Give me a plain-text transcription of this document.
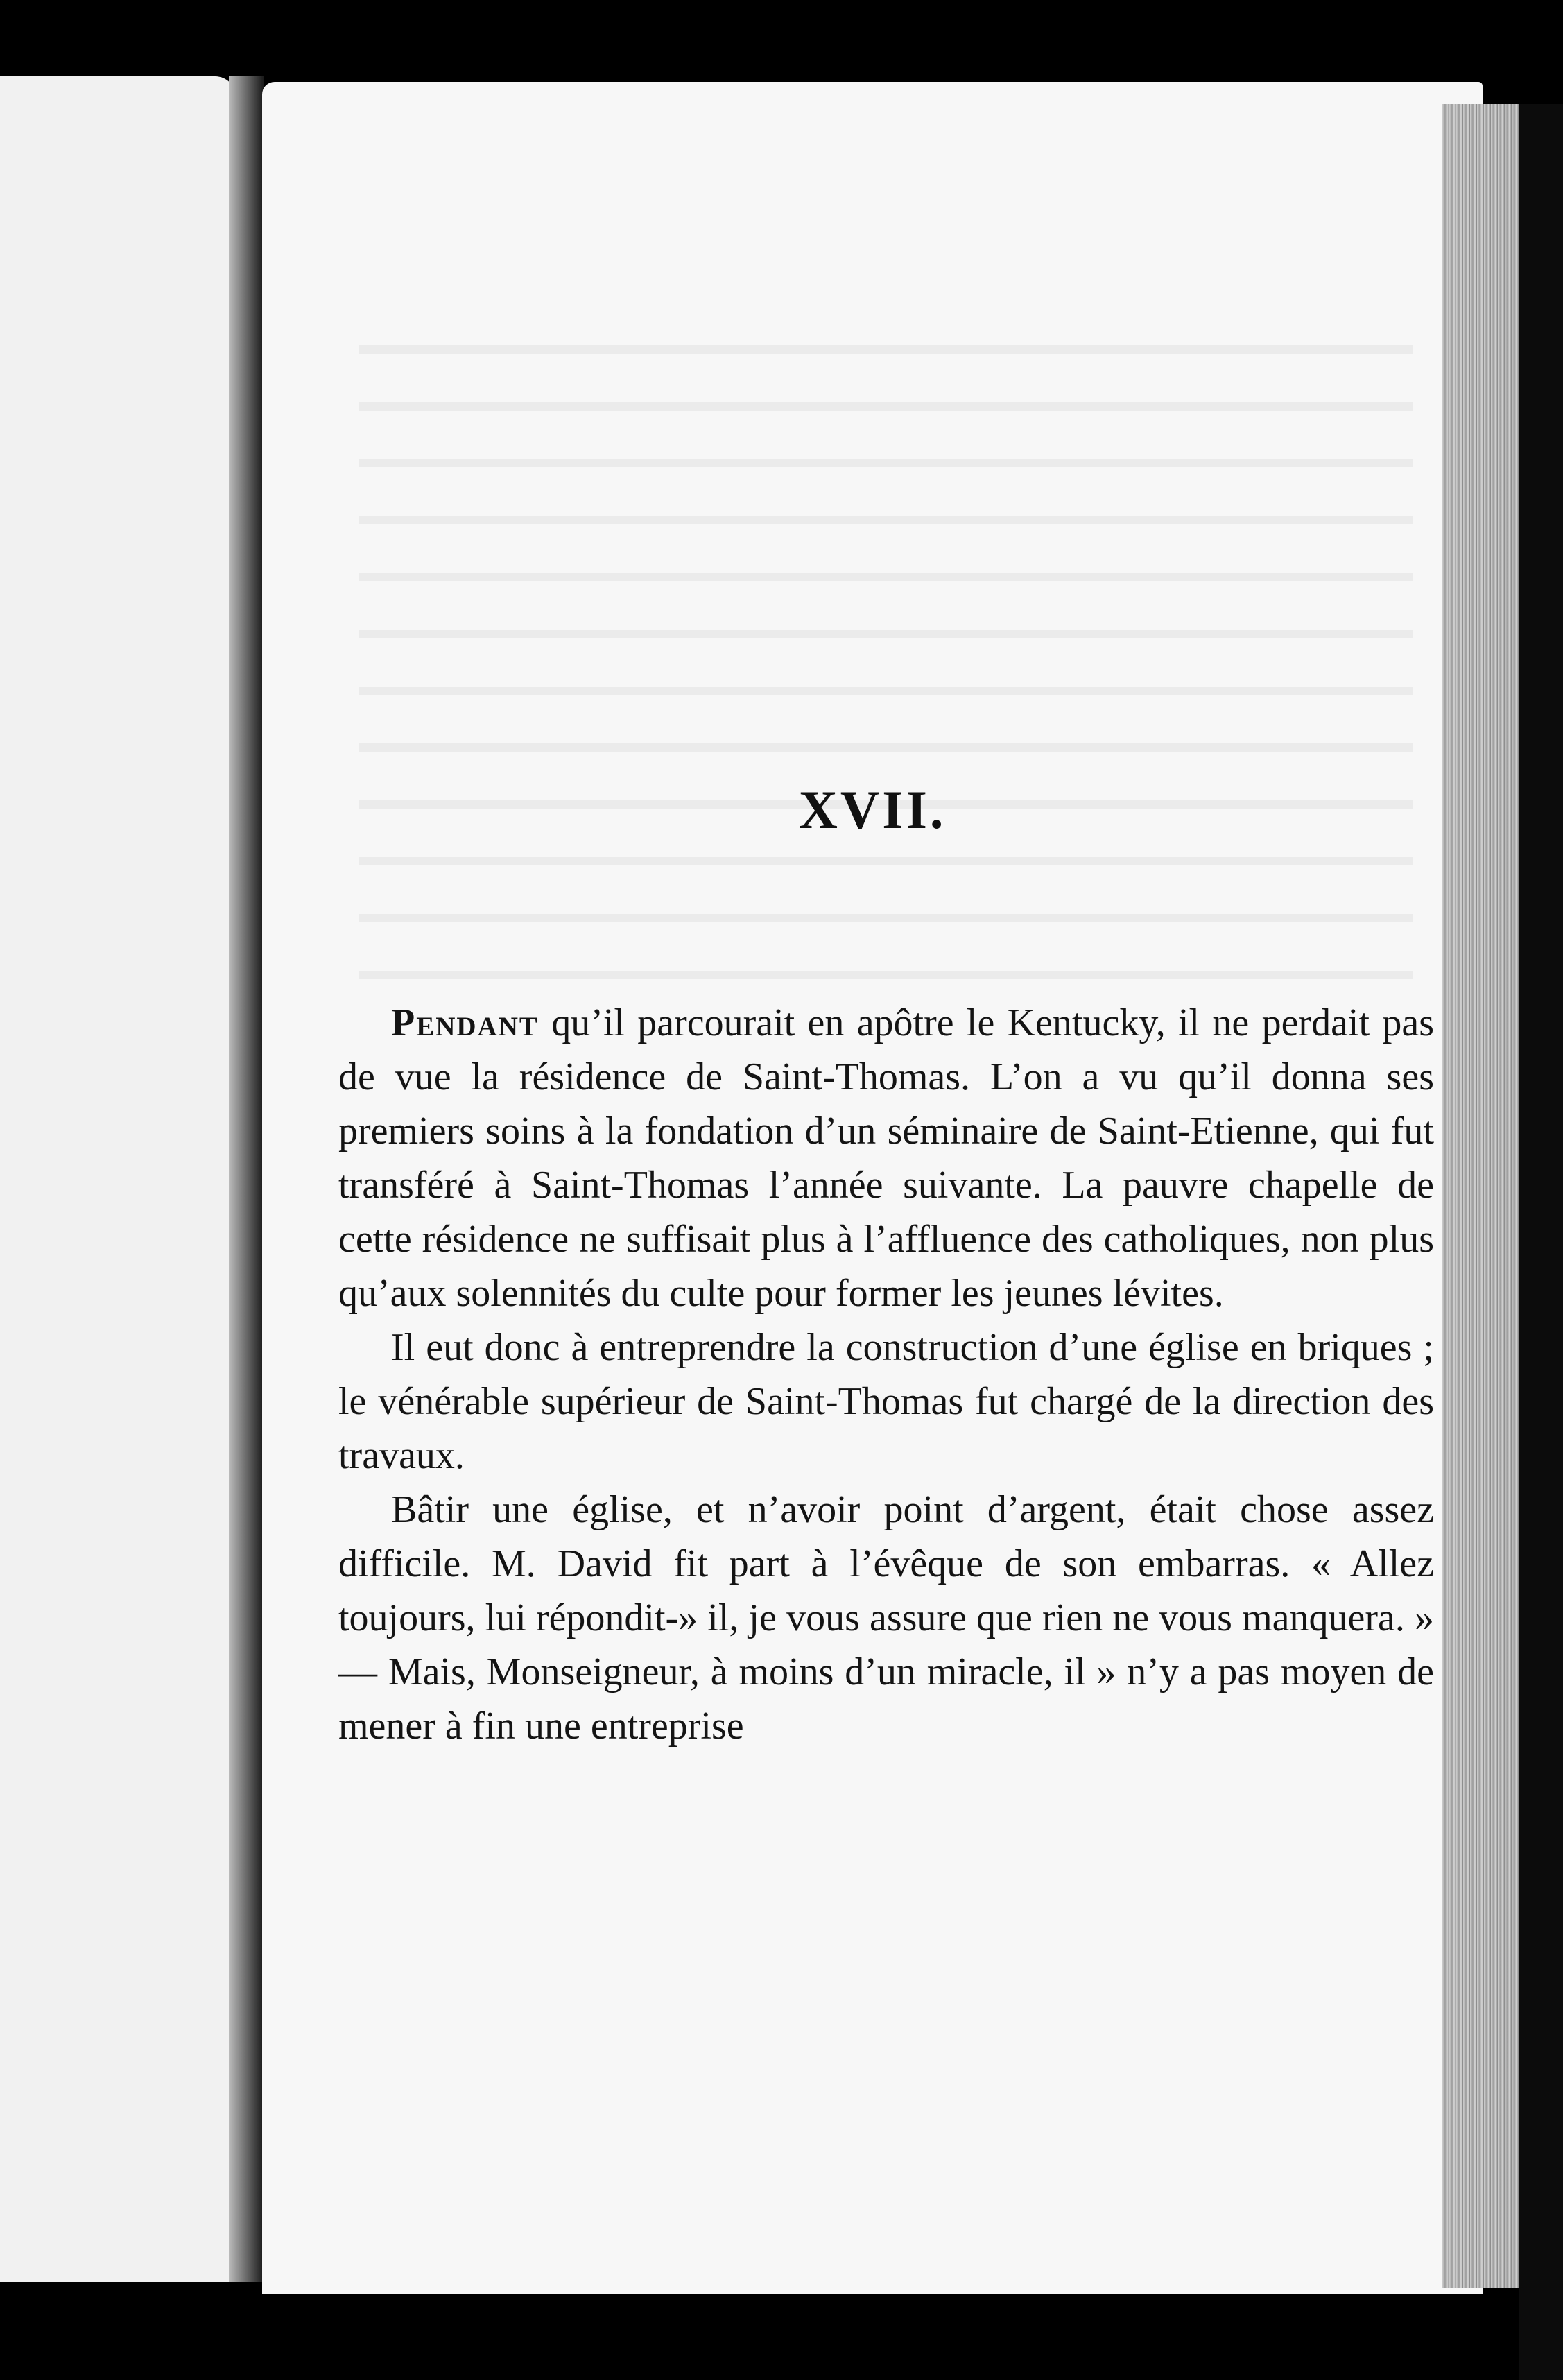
XVII.

Pendant qu’il parcourait en apôtre le Kentucky, il ne perdait pas de vue la résidence de Saint-Thomas. L’on a vu qu’il donna ses premiers soins à la fondation d’un séminaire de Saint-Etienne, qui fut transféré à Saint-Thomas l’année suivante. La pauvre chapelle de cette résidence ne suffisait plus à l’affluence des catholiques, non plus qu’aux solennités du culte pour former les jeunes lévites.

Il eut donc à entreprendre la construction d’une église en briques ; le vénérable supérieur de Saint-Thomas fut chargé de la direction des travaux.

Bâtir une église, et n’avoir point d’argent, était chose assez difficile. M. David fit part à l’évêque de son embarras. « Allez toujours, lui répondit-» il, je vous assure que rien ne vous manquera. » — Mais, Monseigneur, à moins d’un miracle, il » n’y a pas moyen de mener à fin une entreprise
